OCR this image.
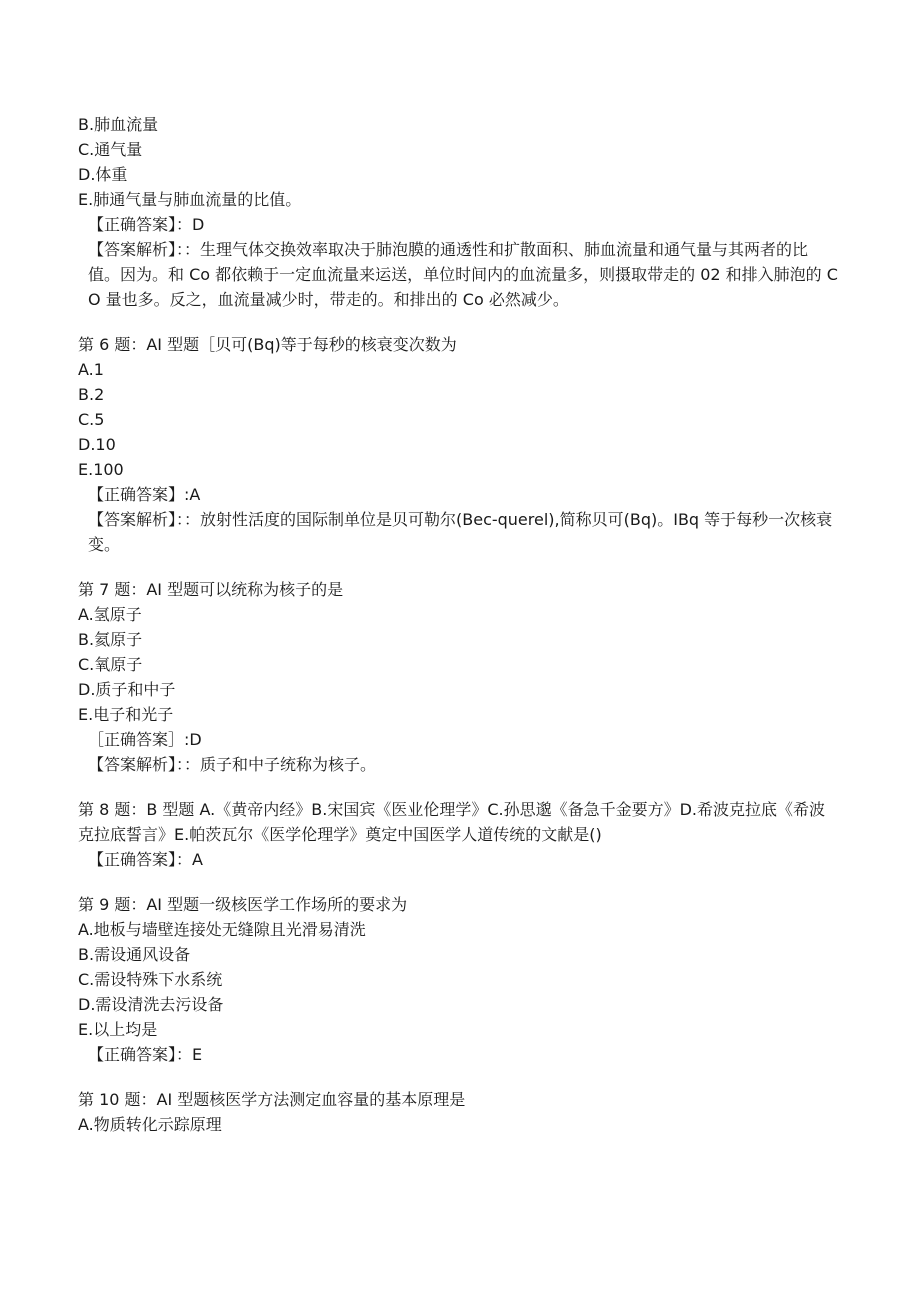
B.肺血流量
C.通气量
D.体重
E.肺通气量与肺血流量的比值。
【正确答案】：D
【答案解析】：：生理气体交换效率取决于肺泡膜的通透性和扩散面积、肺血流量和通气量与其两者的比值。因为。和 Co 都依赖于一定血流量来运送，单位时间内的血流量多，则摄取带走的 02 和排入肺泡的 CO 量也多。反之，血流量减少时，带走的。和排出的 Co 必然减少。
第 6 题：AI 型题［贝可(Bq)等于每秒的核衰变次数为
A.1
B.2
C.5
D.10
E.100
【正确答案】:A
【答案解析】：：放射性活度的国际制单位是贝可勒尔(Bec-querel),简称贝可(Bq)。IBq 等于每秒一次核衰变。
第 7 题：AI 型题可以统称为核子的是
A.氢原子
B.氦原子
C.氧原子
D.质子和中子
E.电子和光子
［正确答案］:D
【答案解析】：：质子和中子统称为核子。
第 8 题：B 型题 A.《黄帝内经》B.宋国宾《医业伦理学》C.孙思邈《备急千金要方》D.希波克拉底《希波克拉底誓言》E.帕茨瓦尔《医学伦理学》奠定中国医学人道传统的文献是()
【正确答案】：A
第 9 题：AI 型题一级核医学工作场所的要求为
A.地板与墙壁连接处无缝隙且光滑易清洗
B.需设通风设备
C.需设特殊下水系统
D.需设清洗去污设备
E.以上均是
【正确答案】：E
第 10 题：AI 型题核医学方法测定血容量的基本原理是
A.物质转化示踪原理
